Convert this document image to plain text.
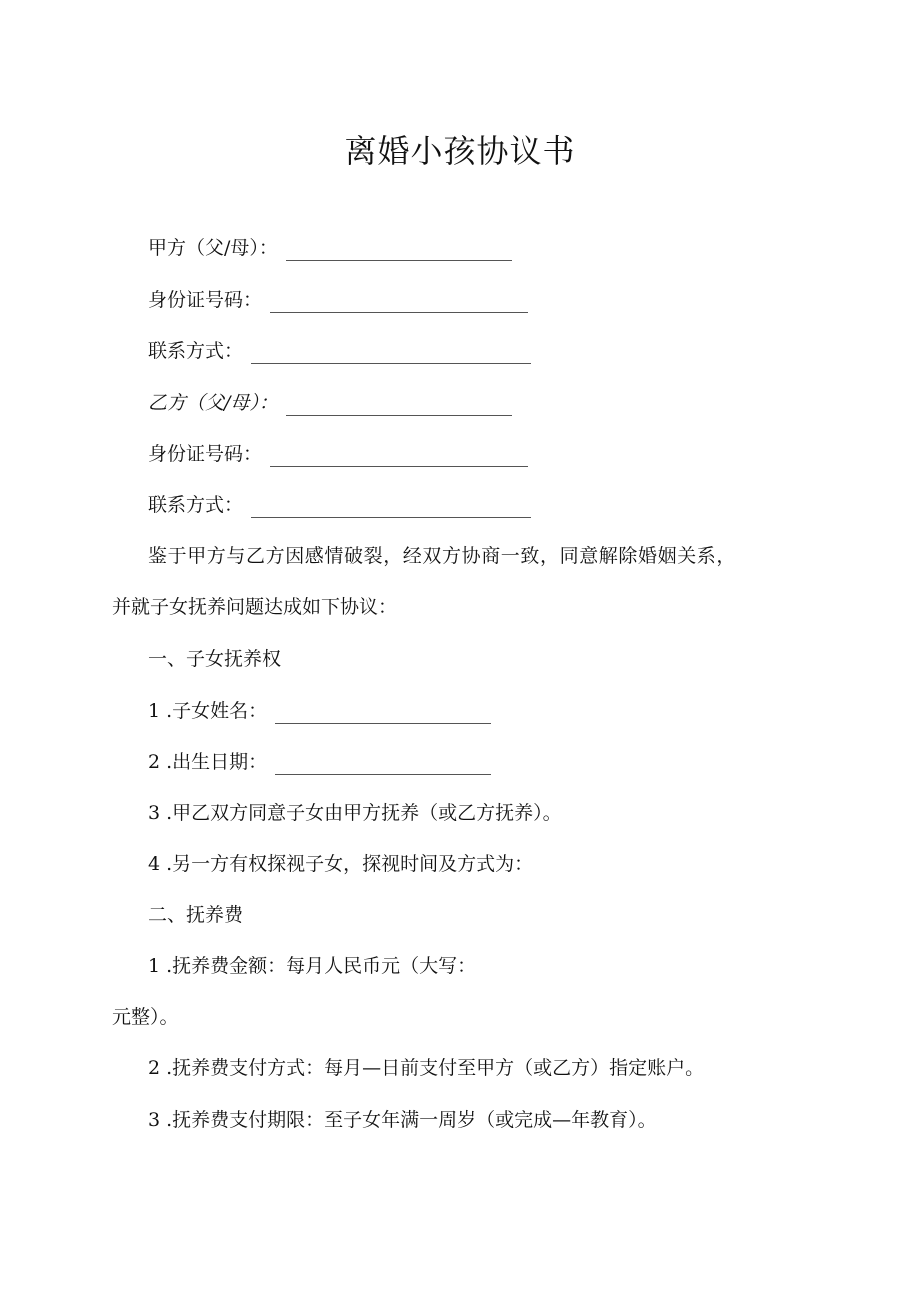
离婚小孩协议书
甲方（父/母）：
身份证号码：
联系方式：
乙方（父/母）：
身份证号码：
联系方式：
鉴于甲方与乙方因感情破裂，经双方协商一致，同意解除婚姻关系，
并就子女抚养问题达成如下协议：
一、子女抚养权
1 .子女姓名：
2 .出生日期：
3 .甲乙双方同意子女由甲方抚养（或乙方抚养）。
4 .另一方有权探视子女，探视时间及方式为：
二、抚养费
1 .抚养费金额：每月人民币元（大写：
元整）。
2 .抚养费支付方式：每月—日前支付至甲方（或乙方）指定账户。
3 .抚养费支付期限：至子女年满一周岁（或完成—年教育）。
